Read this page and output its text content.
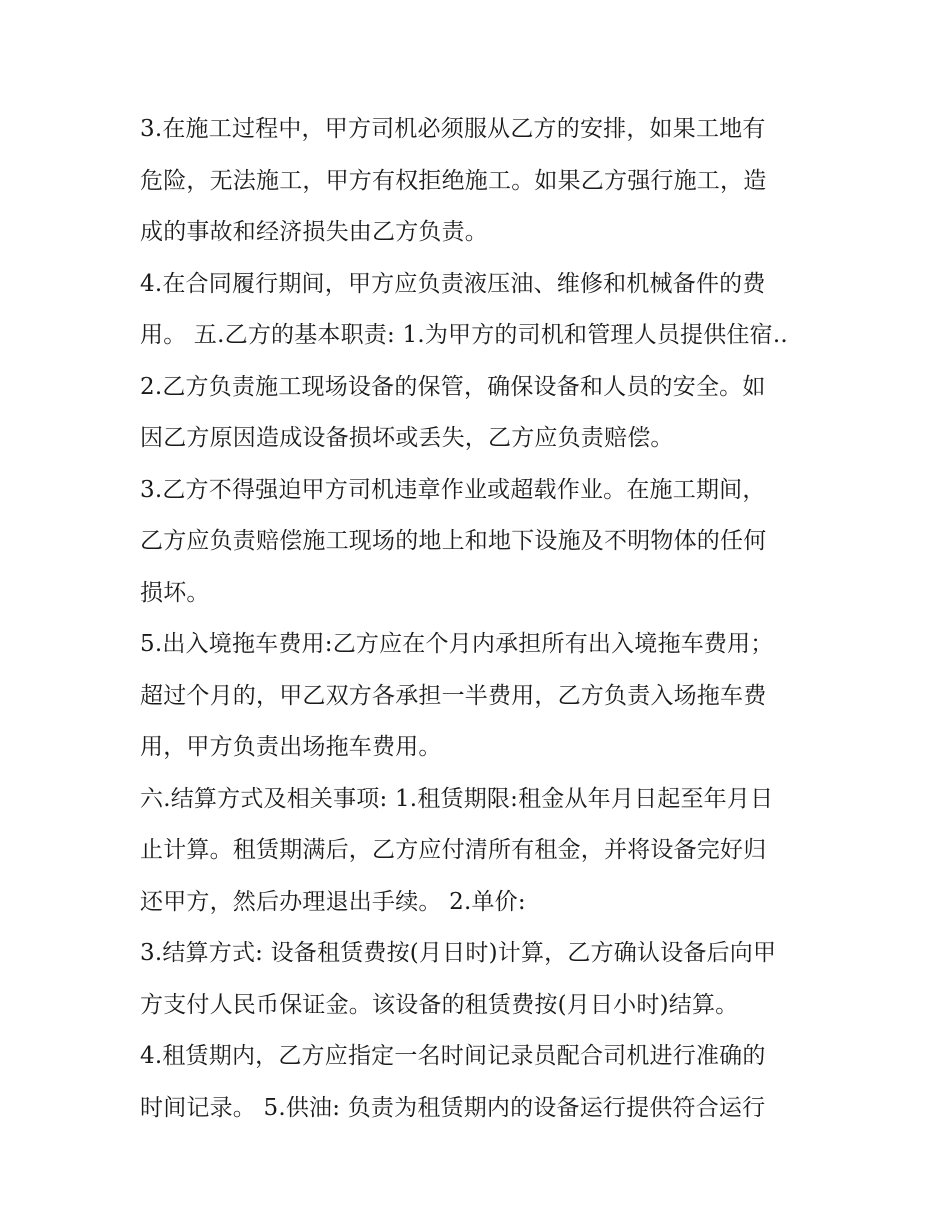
3.在施工过程中，甲方司机必须服从乙方的安排，如果工地有
危险，无法施工，甲方有权拒绝施工。如果乙方强行施工，造
成的事故和经济损失由乙方负责。
4.在合同履行期间，甲方应负责液压油、维修和机械备件的费
用。 五.乙方的基本职责: 1.为甲方的司机和管理人员提供住宿..
2.乙方负责施工现场设备的保管，确保设备和人员的安全。如
因乙方原因造成设备损坏或丢失，乙方应负责赔偿。
3.乙方不得强迫甲方司机违章作业或超载作业。在施工期间，
乙方应负责赔偿施工现场的地上和地下设施及不明物体的任何
损坏。
5.出入境拖车费用:乙方应在个月内承担所有出入境拖车费用；
超过个月的，甲乙双方各承担一半费用，乙方负责入场拖车费
用，甲方负责出场拖车费用。
六.结算方式及相关事项: 1.租赁期限:租金从年月日起至年月日
止计算。租赁期满后，乙方应付清所有租金，并将设备完好归
还甲方，然后办理退出手续。 2.单价:
3.结算方式: 设备租赁费按(月日时)计算，乙方确认设备后向甲
方支付人民币保证金。该设备的租赁费按(月日小时)结算。
4.租赁期内，乙方应指定一名时间记录员配合司机进行准确的
时间记录。 5.供油: 负责为租赁期内的设备运行提供符合运行
